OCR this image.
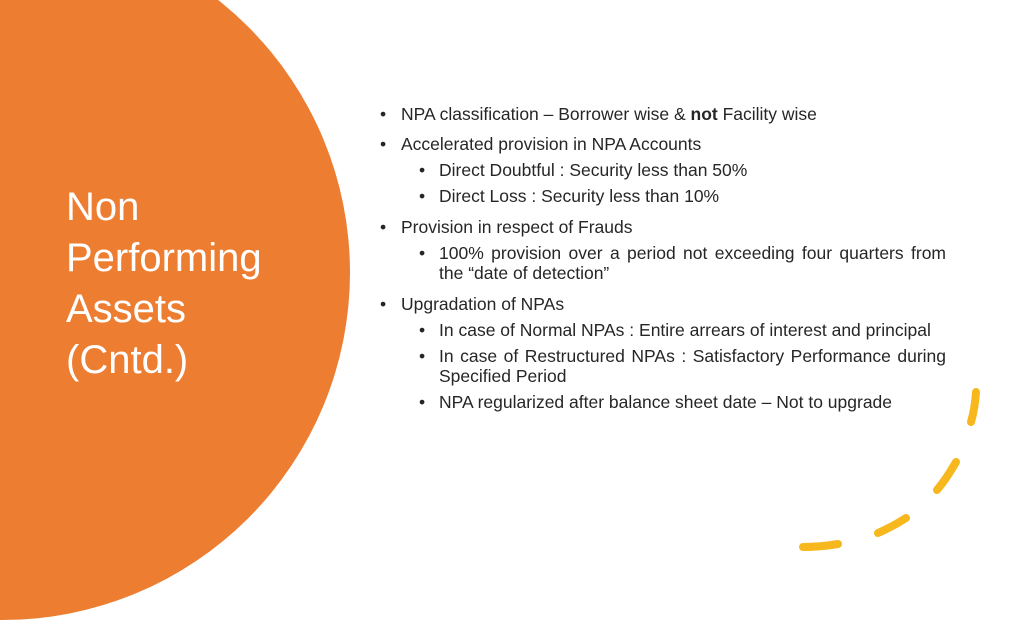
Non
Performing
Assets
(Cntd.)
• NPA classification – Borrower wise & not Facility wise
• Accelerated provision in NPA Accounts
• Direct Doubtful : Security less than 50%
• Direct Loss : Security less than 10%
• Provision in respect of Frauds
• 100% provision over a period not exceeding four quarters from the “date of detection”
• Upgradation of NPAs
• In case of Normal NPAs : Entire arrears of interest and principal
• In case of Restructured NPAs : Satisfactory Performance during Specified Period
• NPA regularized after balance sheet date – Not to upgrade
